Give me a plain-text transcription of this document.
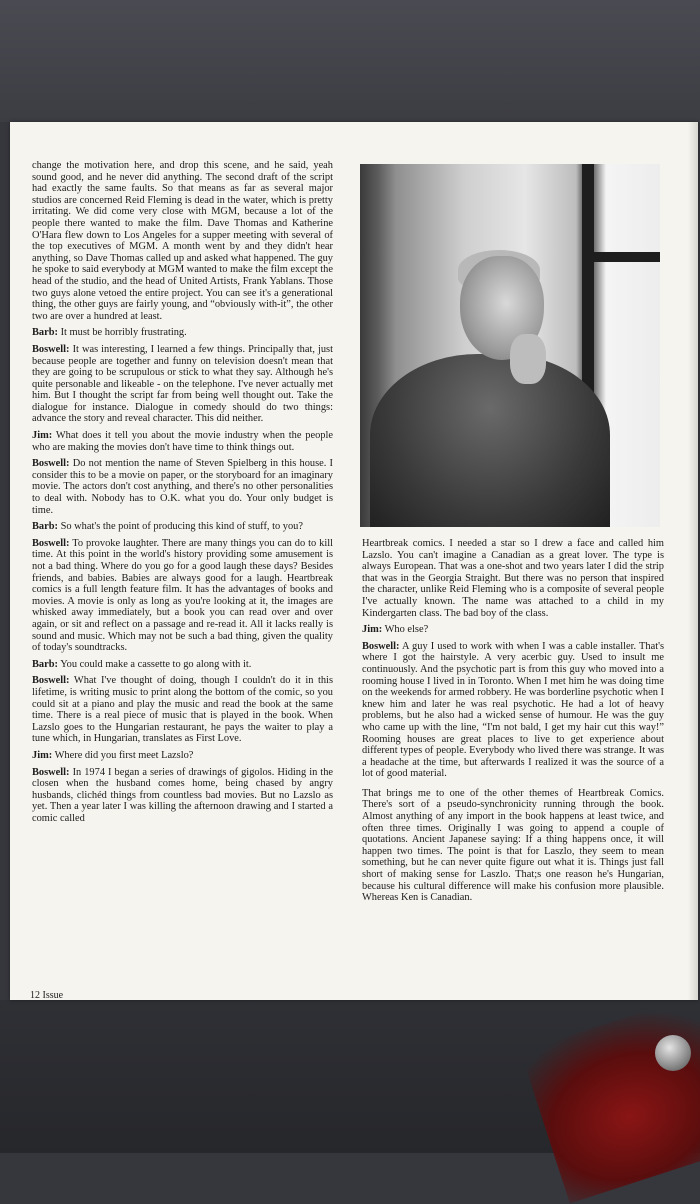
change the motivation here, and drop this scene, and he said, yeah sound good, and he never did anything. The second draft of the script had exactly the same faults. So that means as far as several major studios are concerned Reid Fleming is dead in the water, which is pretty irritating. We did come very close with MGM, because a lot of the people there wanted to make the film. Dave Thomas and Katherine O'Hara flew down to Los Angeles for a supper meeting with several of the top executives of MGM. A month went by and they didn't hear anything, so Dave Thomas called up and asked what happened. The guy he spoke to said everybody at MGM wanted to make the film except the head of the studio, and the head of United Artists, Frank Yablans. Those two guys alone vetoed the entire project. You can see it's a generational thing, the other guys are fairly young, and “obviously with-it”, the other two are over a hundred at least.

Barb: It must be horribly frustrating.

Boswell: It was interesting, I learned a few things. Principally that, just because people are together and funny on television doesn't mean that they are going to be scrupulous or stick to what they say. Although he's quite personable and likeable - on the telephone. I've never actually met him. But I thought the script far from being well thought out. Take the dialogue for instance. Dialogue in comedy should do two things: advance the story and reveal character. This did neither.

Jim: What does it tell you about the movie industry when the people who are making the movies don't have time to think things out.

Boswell: Do not mention the name of Steven Spielberg in this house. I consider this to be a movie on paper, or the storyboard for an imaginary movie. The actors don't cost anything, and there's no other personalities to deal with. Nobody has to O.K. what you do. Your only budget is time.

Barb: So what's the point of producing this kind of stuff, to you?

Boswell: To provoke laughter. There are many things you can do to kill time. At this point in the world's history providing some amusement is not a bad thing. Where do you go for a good laugh these days? Besides friends, and babies. Babies are always good for a laugh. Heartbreak comics is a full length feature film. It has the advantages of books and movies. A movie is only as long as you're looking at it, the images are whisked away immediately, but a book you can read over and over again, or sit and reflect on a passage and re-read it. All it lacks really is sound and music. Which may not be such a bad thing, given the quality of today's soundtracks.

Barb: You could make a cassette to go along with it.

Boswell: What I've thought of doing, though I couldn't do it in this lifetime, is writing music to print along the bottom of the comic, so you could sit at a piano and play the music and read the book at the same time. There is a real piece of music that is played in the book. When Lazslo goes to the Hungarian restaurant, he pays the waiter to play a tune which, in Hungarian, translates as First Love.

Jim: Where did you first meet Lazslo?

Boswell: In 1974 I began a series of drawings of gigolos. Hiding in the closen when the husband comes home, being chased by angry husbands, clichéd things from countless bad movies. But no Lazslo as yet. Then a year later I was killing the afternoon drawing and I started a comic called

Heartbreak comics. I needed a star so I drew a face and called him Lazslo. You can't imagine a Canadian as a great lover. The type is always European. That was a one-shot and two years later I did the strip that was in the Georgia Straight. But there was no person that inspired the character, unlike Reid Fleming who is a composite of several people I've actually known. The name was attached to a child in my Kindergarten class. The bad boy of the class.

Jim: Who else?

Boswell: A guy I used to work with when I was a cable installer. That's where I got the hairstyle. A very acerbic guy. Used to insult me continuously. And the psychotic part is from this guy who moved into a rooming house I lived in in Toronto. When I met him he was doing time on the weekends for armed robbery. He was borderline psychotic when I knew him and later he was real psychotic. He had a lot of heavy problems, but he also had a wicked sense of humour. He was the guy who came up with the line, “I'm not bald, I get my hair cut this way!” Rooming houses are great places to live to get experience about different types of people. Everybody who lived there was strange. It was a headache at the time, but afterwards I realized it was the source of a lot of good material.

That brings me to one of the other themes of Heartbreak Comics. There's sort of a pseudo-synchronicity running through the book. Almost anything of any import in the book happens at least twice, and often three times. Originally I was going to append a couple of quotations. Ancient Japanese saying: If a thing happens once, it will happen two times. The point is that for Laszlo, they seem to mean something, but he can never quite figure out what it is. Things just fall short of making sense for Laszlo. That;s one reason he's Hungarian, because his cultural difference will make his confusion more plausible. Whereas Ken is Canadian.

12 Issue
